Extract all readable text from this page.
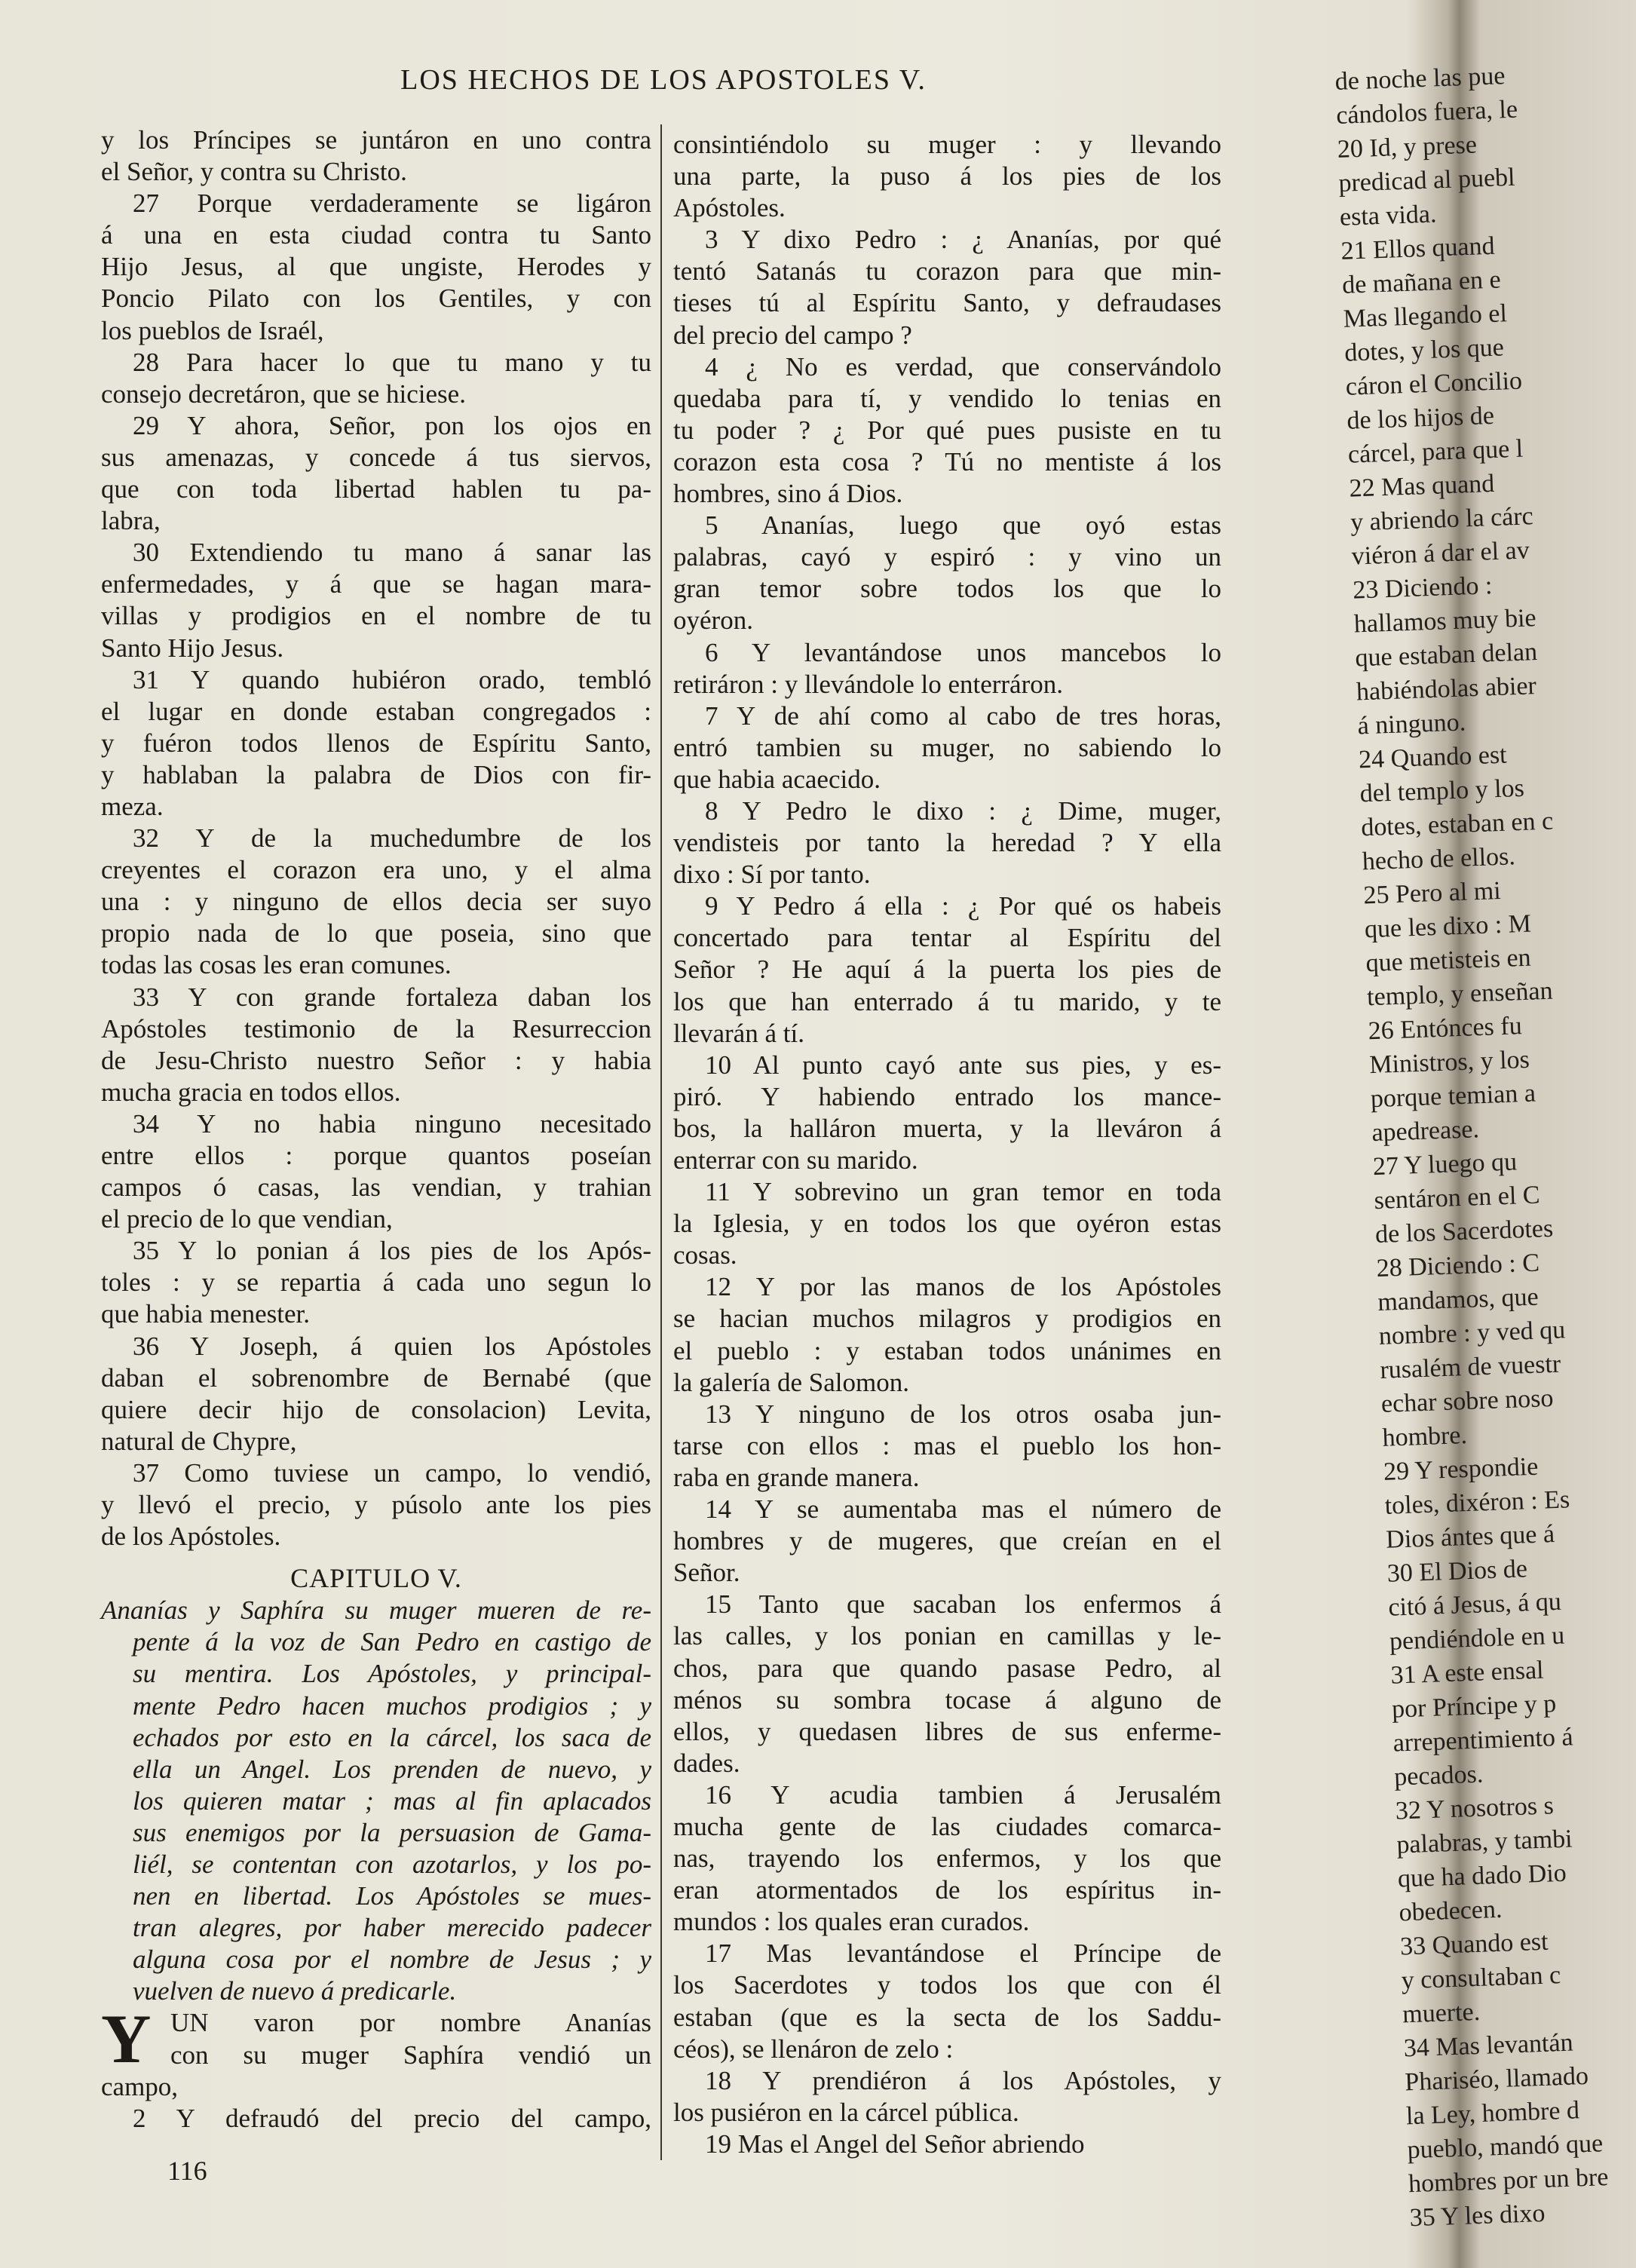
LOS HECHOS DE LOS APOSTOLES V.
y los Príncipes se juntáron en uno contra
el Señor, y contra su Christo.
27 Porque verdaderamente se ligáron
á una en esta ciudad contra tu Santo
Hijo Jesus, al que ungiste, Herodes y
Poncio Pilato con los Gentiles, y con
los pueblos de Israél,
28 Para hacer lo que tu mano y tu
consejo decretáron, que se hiciese.
29 Y ahora, Señor, pon los ojos en
sus amenazas, y concede á tus siervos,
que con toda libertad hablen tu pa-
labra,
30 Extendiendo tu mano á sanar las
enfermedades, y á que se hagan mara-
villas y prodigios en el nombre de tu
Santo Hijo Jesus.
31 Y quando hubiéron orado, tembló
el lugar en donde estaban congregados :
y fuéron todos llenos de Espíritu Santo,
y hablaban la palabra de Dios con fir-
meza.
32 Y de la muchedumbre de los
creyentes el corazon era uno, y el alma
una : y ninguno de ellos decia ser suyo
propio nada de lo que poseia, sino que
todas las cosas les eran comunes.
33 Y con grande fortaleza daban los
Apóstoles testimonio de la Resurreccion
de Jesu-Christo nuestro Señor : y habia
mucha gracia en todos ellos.
34 Y no habia ninguno necesitado
entre ellos : porque quantos poseían
campos ó casas, las vendian, y trahian
el precio de lo que vendian,
35 Y lo ponian á los pies de los Após-
toles : y se repartia á cada uno segun lo
que habia menester.
36 Y Joseph, á quien los Apóstoles
daban el sobrenombre de Bernabé (que
quiere decir hijo de consolacion) Levita,
natural de Chypre,
37 Como tuviese un campo, lo vendió,
y llevó el precio, y púsolo ante los pies
de los Apóstoles.
CAPITULO V.
Ananías y Saphíra su muger mueren de re-
pente á la voz de San Pedro en castigo de
su mentira. Los Apóstoles, y principal-
mente Pedro hacen muchos prodigios ; y
echados por esto en la cárcel, los saca de
ella un Angel. Los prenden de nuevo, y
los quieren matar ; mas al fin aplacados
sus enemigos por la persuasion de Gama-
liél, se contentan con azotarlos, y los po-
nen en libertad. Los Apóstoles se mues-
tran alegres, por haber merecido padecer
alguna cosa por el nombre de Jesus ; y
vuelven de nuevo á predicarle.
Y UN varon por nombre Ananías
con su muger Saphíra vendió un
campo,
2 Y defraudó del precio del campo,
consintiéndolo su muger : y llevando
una parte, la puso á los pies de los
Apóstoles.
3 Y dixo Pedro : ¿ Ananías, por qué
tentó Satanás tu corazon para que min-
tieses tú al Espíritu Santo, y defraudases
del precio del campo ?
4 ¿ No es verdad, que conservándolo
quedaba para tí, y vendido lo tenias en
tu poder ? ¿ Por qué pues pusiste en tu
corazon esta cosa ? Tú no mentiste á los
hombres, sino á Dios.
5 Ananías, luego que oyó estas
palabras, cayó y espiró : y vino un
gran temor sobre todos los que lo
oyéron.
6 Y levantándose unos mancebos lo
retiráron : y llevándole lo enterráron.
7 Y de ahí como al cabo de tres horas,
entró tambien su muger, no sabiendo lo
que habia acaecido.
8 Y Pedro le dixo : ¿ Dime, muger,
vendisteis por tanto la heredad ? Y ella
dixo : Sí por tanto.
9 Y Pedro á ella : ¿ Por qué os habeis
concertado para tentar al Espíritu del
Señor ? He aquí á la puerta los pies de
los que han enterrado á tu marido, y te
llevarán á tí.
10 Al punto cayó ante sus pies, y es-
piró. Y habiendo entrado los mance-
bos, la halláron muerta, y la lleváron á
enterrar con su marido.
11 Y sobrevino un gran temor en toda
la Iglesia, y en todos los que oyéron estas
cosas.
12 Y por las manos de los Apóstoles
se hacian muchos milagros y prodigios en
el pueblo : y estaban todos unánimes en
la galería de Salomon.
13 Y ninguno de los otros osaba jun-
tarse con ellos : mas el pueblo los hon-
raba en grande manera.
14 Y se aumentaba mas el número de
hombres y de mugeres, que creían en el
Señor.
15 Tanto que sacaban los enfermos á
las calles, y los ponian en camillas y le-
chos, para que quando pasase Pedro, al
ménos su sombra tocase á alguno de
ellos, y quedasen libres de sus enferme-
dades.
16 Y acudia tambien á Jerusalém
mucha gente de las ciudades comarca-
nas, trayendo los enfermos, y los que
eran atormentados de los espíritus in-
mundos : los quales eran curados.
17 Mas levantándose el Príncipe de
los Sacerdotes y todos los que con él
estaban (que es la secta de los Saddu-
céos), se llenáron de zelo :
18 Y prendiéron á los Apóstoles, y
los pusiéron en la cárcel pública.
19 Mas el Angel del Señor abriendo
116
de noche las pue
cándolos fuera, le
20 Id, y prese
predicad al puebl
esta vida.
21 Ellos quand
de mañana en e
Mas llegando el
dotes, y los que
cáron el Concilio
de los hijos de
cárcel, para que l
22 Mas quand
y abriendo la cárc
viéron á dar el av
23 Diciendo :
hallamos muy bie
que estaban delan
habiéndolas abier
á ninguno.
24 Quando est
del templo y los
dotes, estaban en c
hecho de ellos.
25 Pero al mi
que les dixo : M
que metisteis en
templo, y enseñan
26 Entónces fu
Ministros, y los
porque temian a
apedrease.
27 Y luego qu
sentáron en el C
de los Sacerdotes
28 Diciendo : C
mandamos, que
nombre : y ved qu
rusalém de vuestr
echar sobre noso
hombre.
29 Y respondie
toles, dixéron : Es
Dios ántes que á
30 El Dios de
citó á Jesus, á qu
pendiéndole en u
31 A este ensal
por Príncipe y p
arrepentimiento á
pecados.
32 Y nosotros s
palabras, y tambi
que ha dado Dio
obedecen.
33 Quando est
y consultaban c
muerte.
34 Mas levantán
Phariséo, llamado
la Ley, hombre d
pueblo, mandó que
hombres por un bre
35 Y les dixo
